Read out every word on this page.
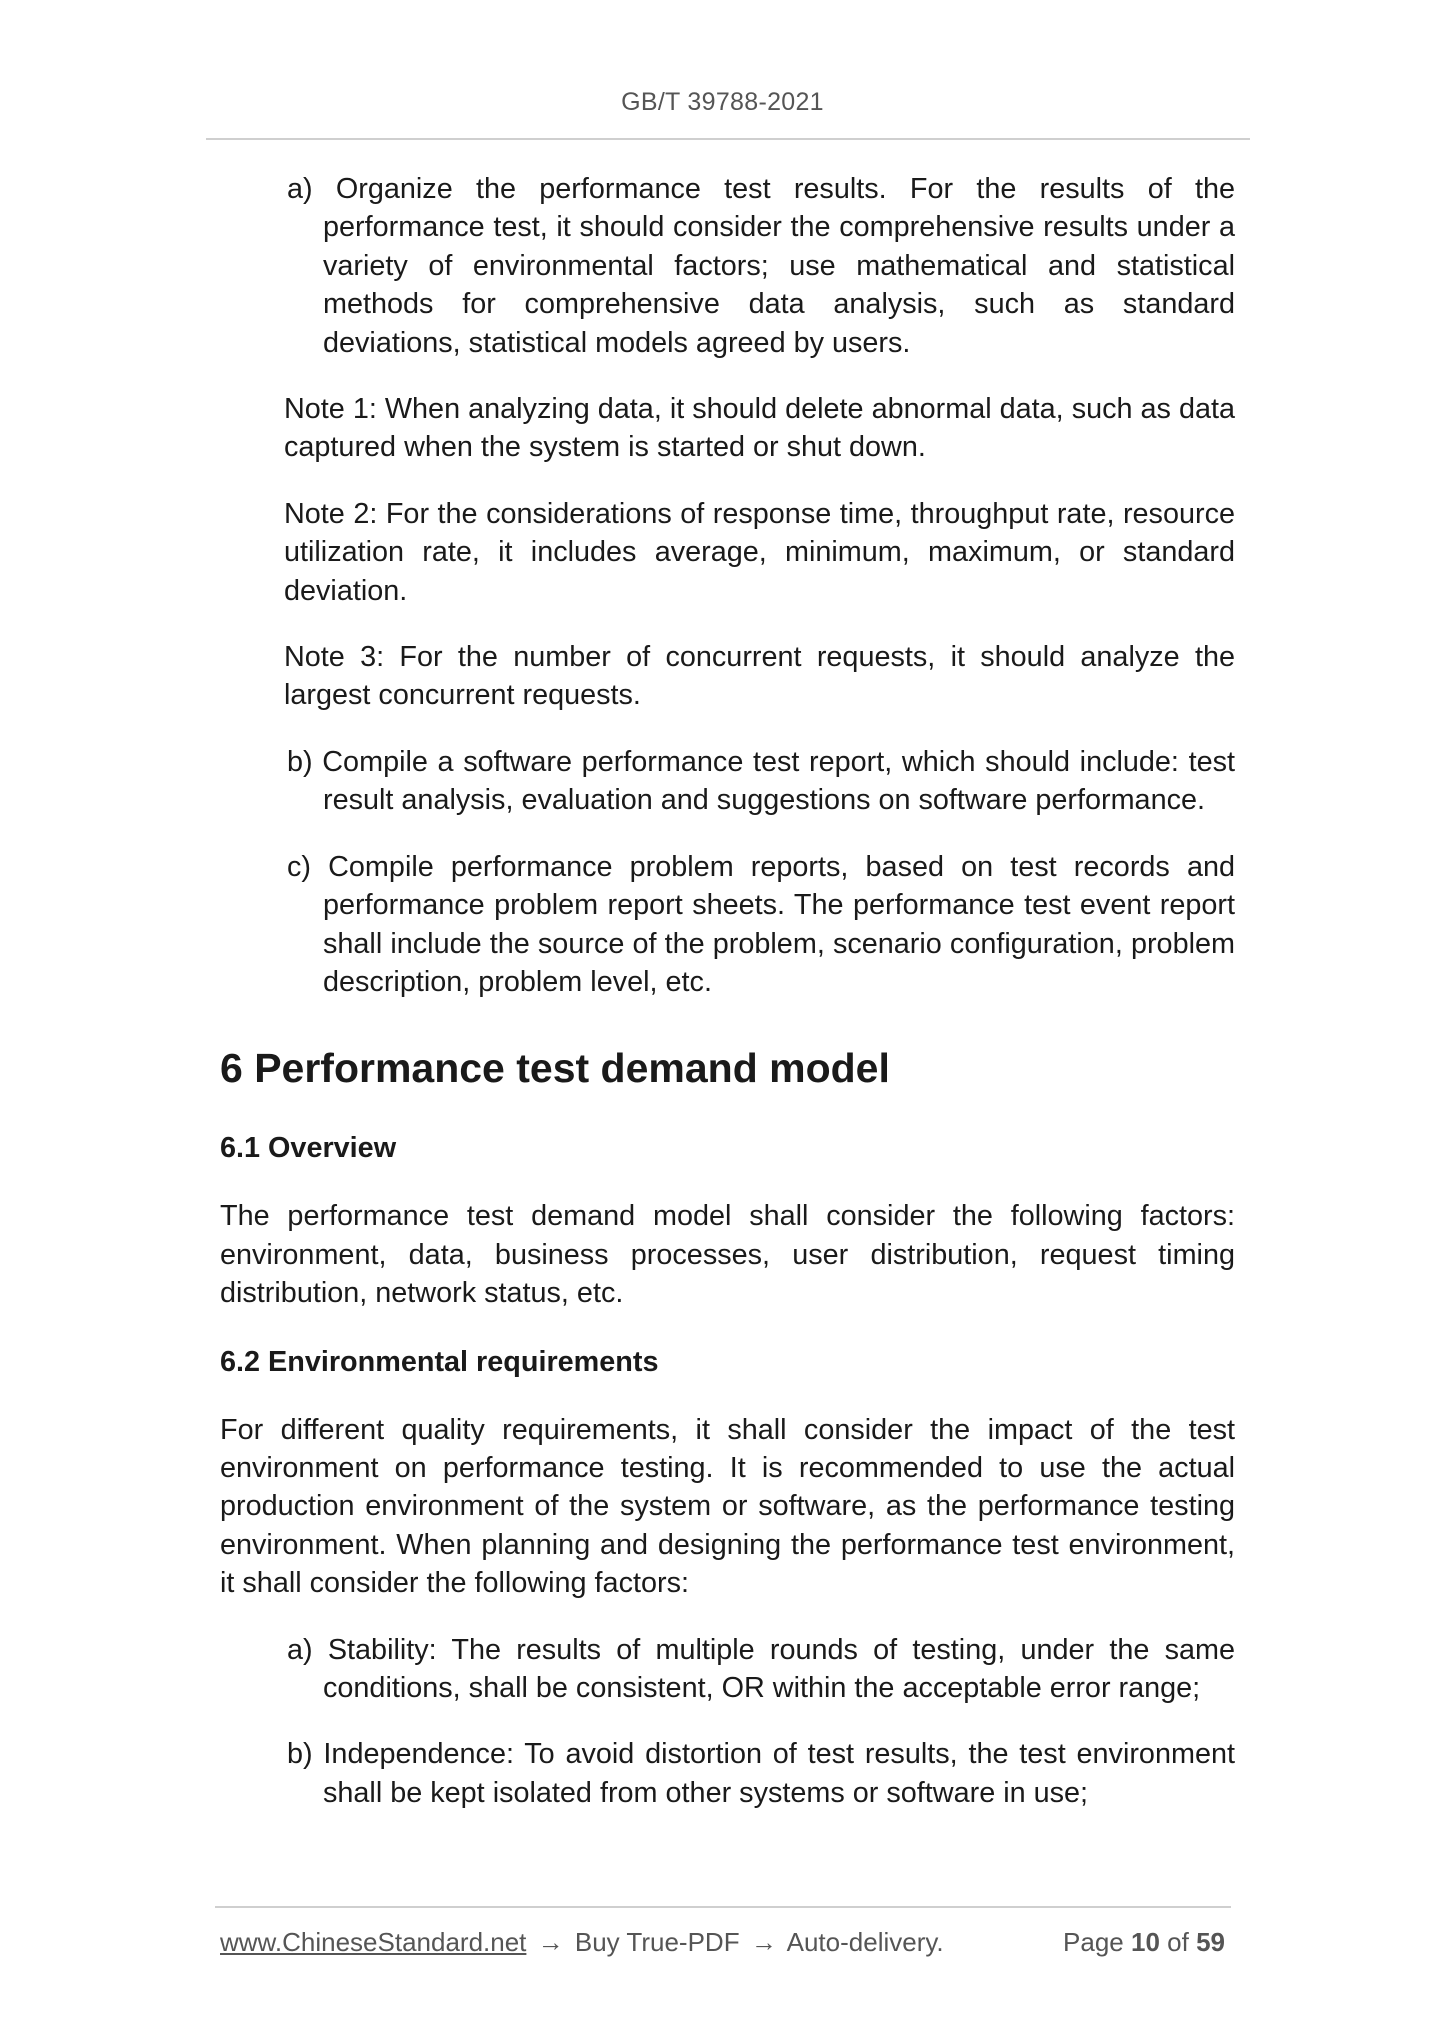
GB/T 39788-2021

a) Organize the performance test results. For the results of the performance test, it should consider the comprehensive results under a variety of environmental factors; use mathematical and statistical methods for comprehensive data analysis, such as standard deviations, statistical models agreed by users.

Note 1: When analyzing data, it should delete abnormal data, such as data captured when the system is started or shut down.

Note 2: For the considerations of response time, throughput rate, resource utilization rate, it includes average, minimum, maximum, or standard deviation.

Note 3: For the number of concurrent requests, it should analyze the largest concurrent requests.

b) Compile a software performance test report, which should include: test result analysis, evaluation and suggestions on software performance.

c) Compile performance problem reports, based on test records and performance problem report sheets. The performance test event report shall include the source of the problem, scenario configuration, problem description, problem level, etc.

6 Performance test demand model
6.1 Overview

The performance test demand model shall consider the following factors: environment, data, business processes, user distribution, request timing distribution, network status, etc.

6.2 Environmental requirements

For different quality requirements, it shall consider the impact of the test environment on performance testing. It is recommended to use the actual production environment of the system or software, as the performance testing environment. When planning and designing the performance test environment, it shall consider the following factors:

a) Stability: The results of multiple rounds of testing, under the same conditions, shall be consistent, OR within the acceptable error range;

b) Independence: To avoid distortion of test results, the test environment shall be kept isolated from other systems or software in use;

www.ChineseStandard.net → Buy True-PDF → Auto-delivery.	Page 10 of 59
